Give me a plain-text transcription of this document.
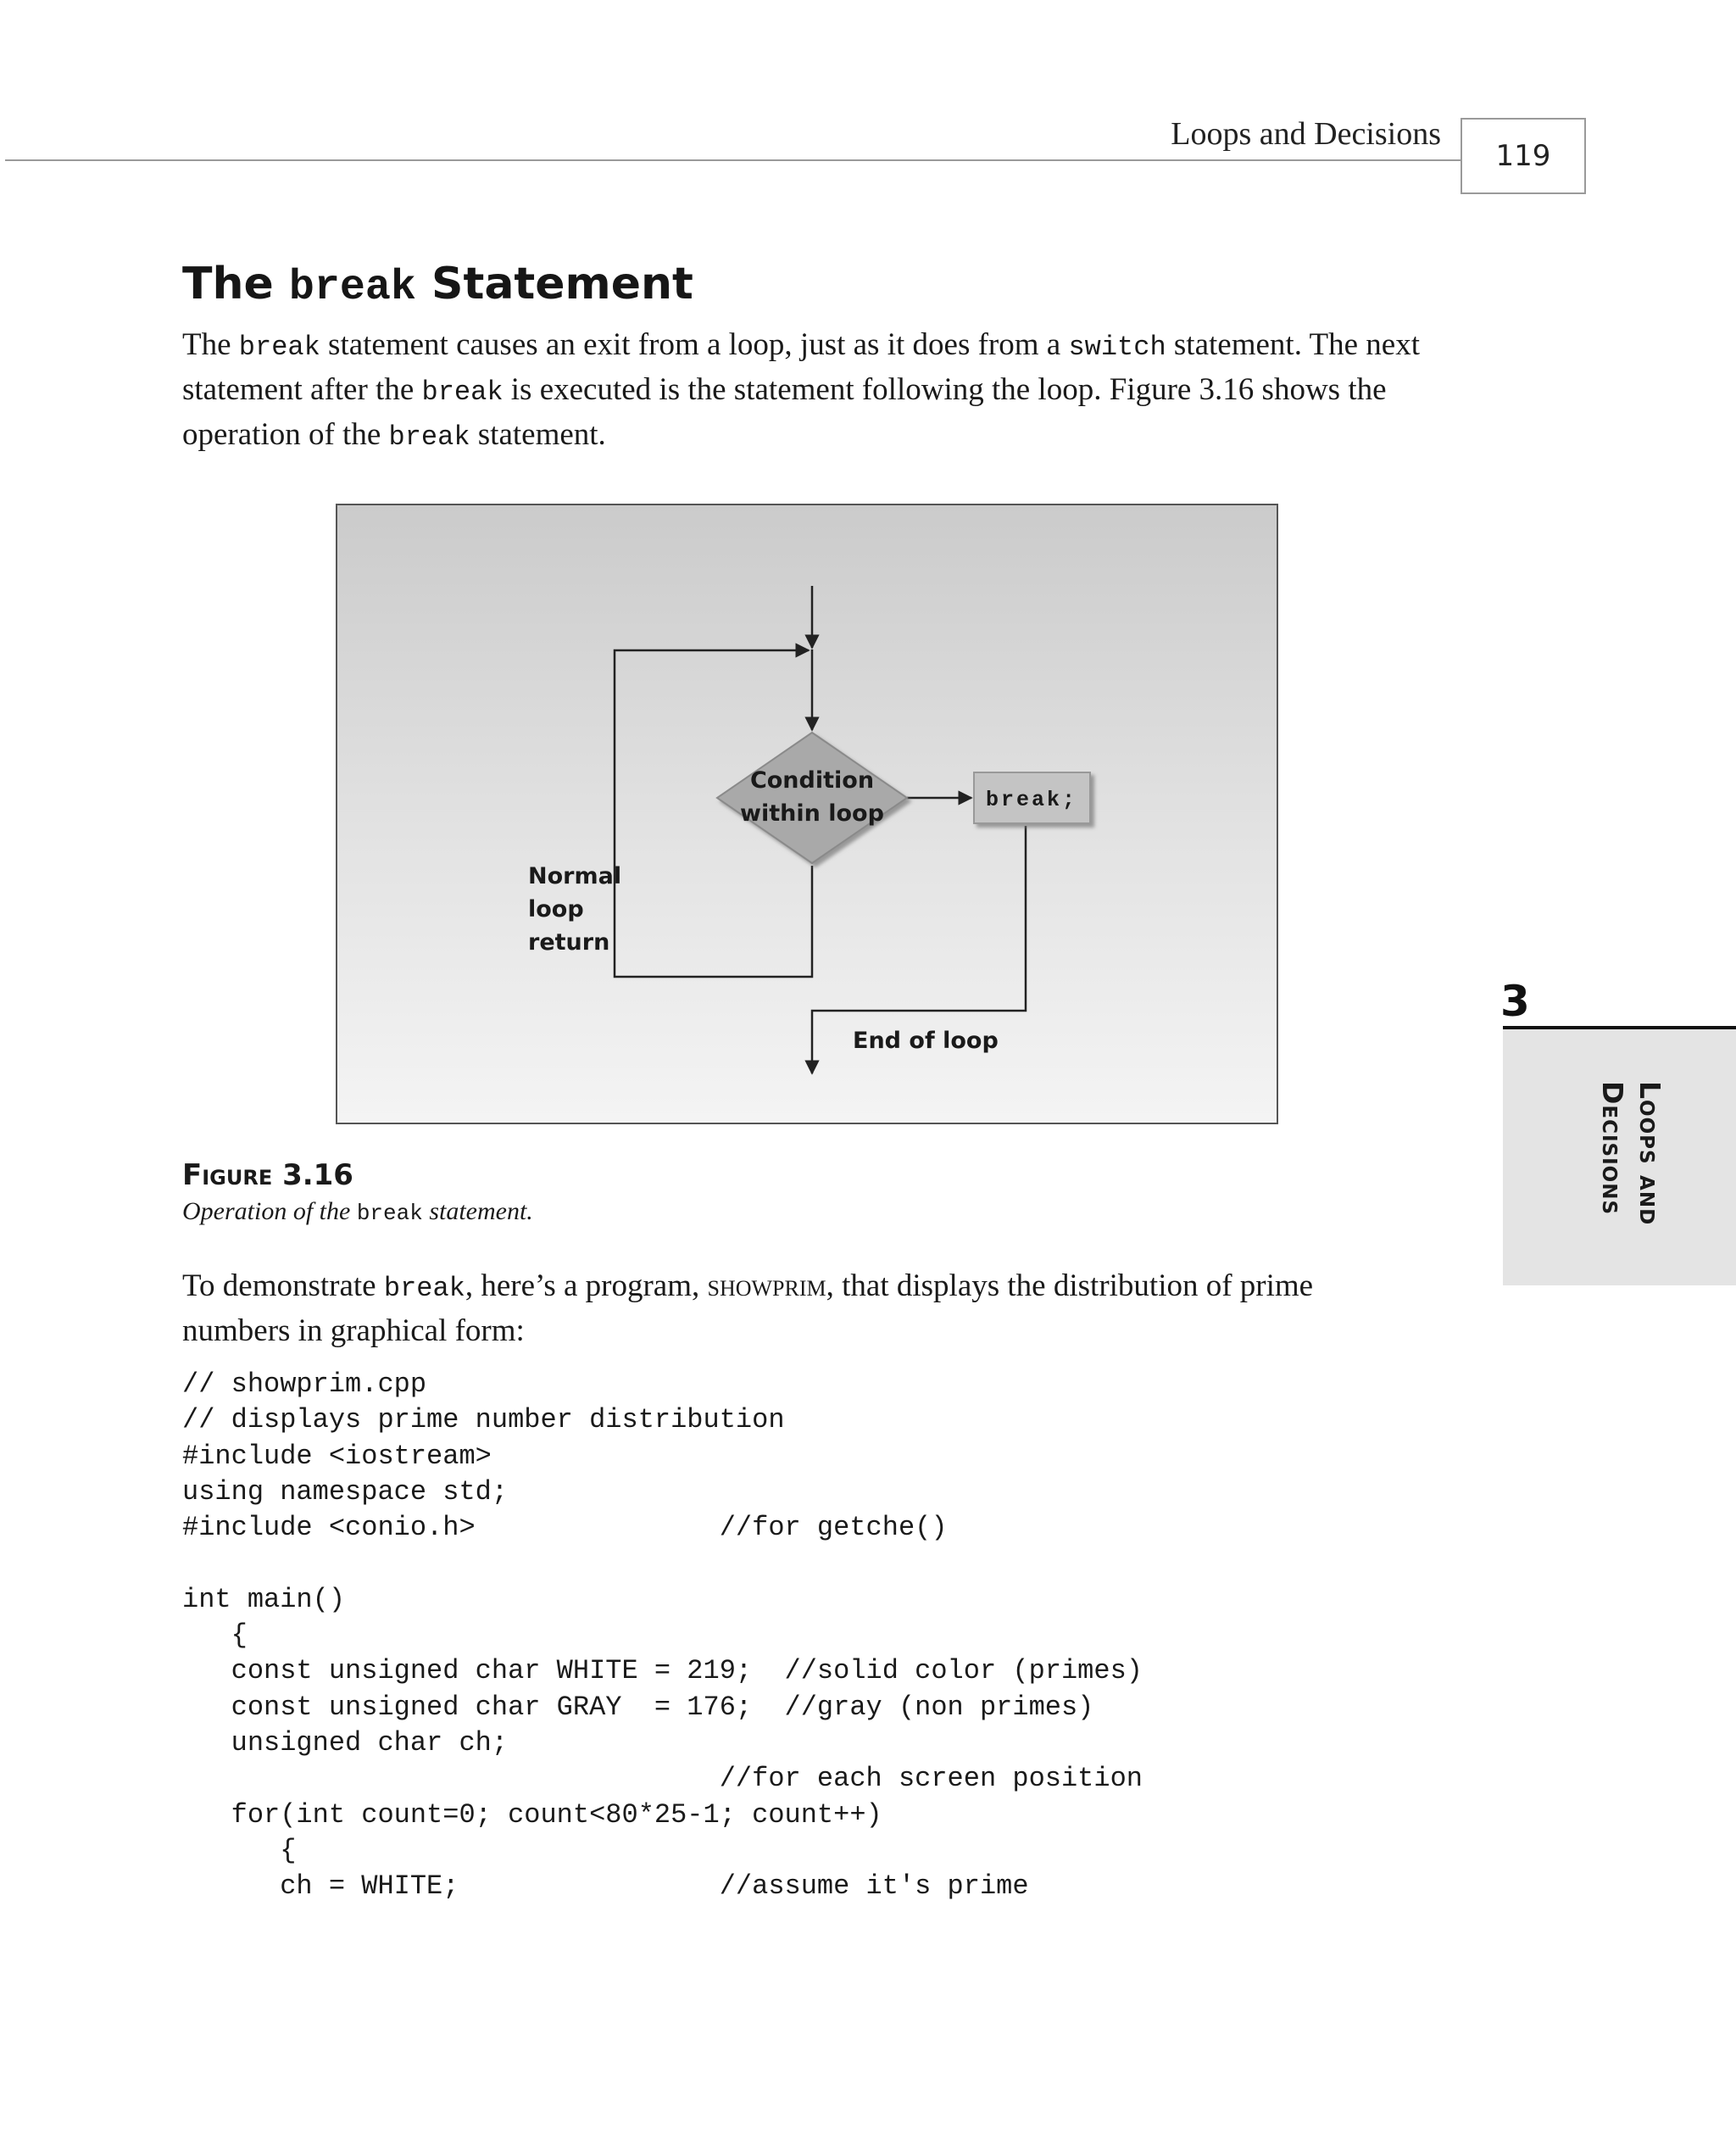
Loops and Decisions
119
3
Loops and
Decisions
The break Statement
The break statement causes an exit from a loop, just as it does from a switch statement. The next statement after the break is executed is the statement following the loop. Figure 3.16 shows the operation of the break statement.
Condition
within loop
break;
Normal
loop
return
End of loop
Figure 3.16
Operation of the break statement.
To demonstrate break, here’s a program, showprim, that displays the distribution of prime numbers in graphical form:
// showprim.cpp
// displays prime number distribution
#include <iostream>
using namespace std;
#include <conio.h>               //for getche()
int main()
{
const unsigned char WHITE = 219;  //solid color (primes)
const unsigned char GRAY  = 176;  //gray (non primes)
unsigned char ch;
//for each screen position
for(int count=0; count<80*25-1; count++)
{
ch = WHITE;                //assume it's prime
